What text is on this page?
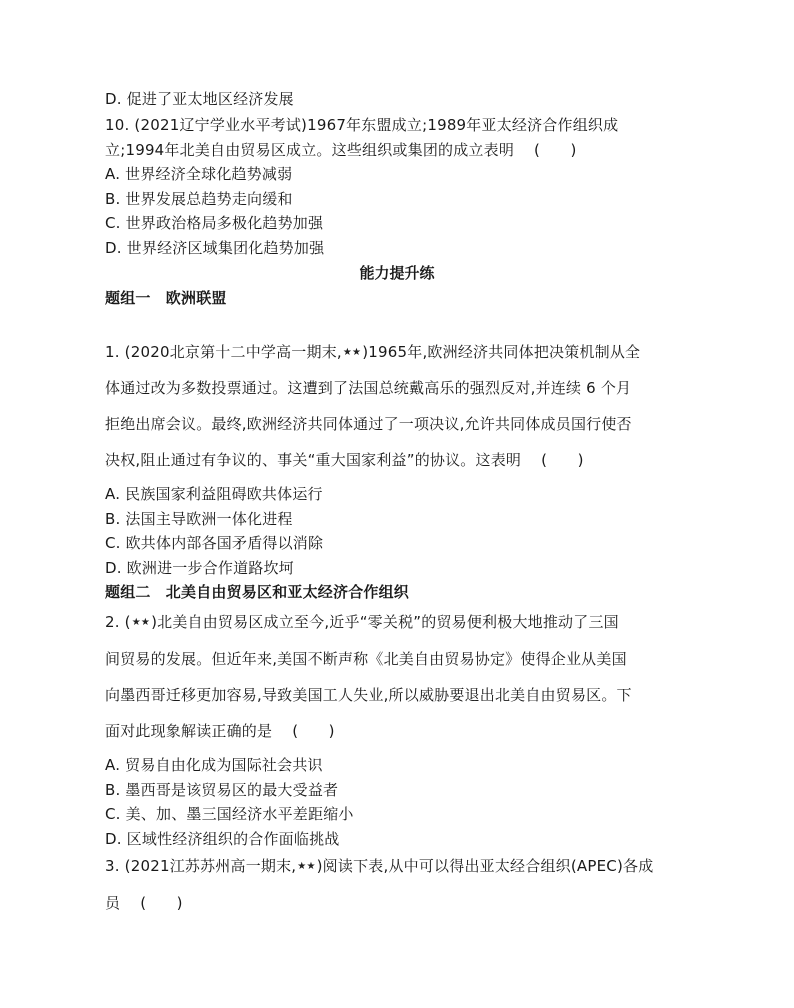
D. 促进了亚太地区经济发展
10. (2021辽宁学业水平考试)1967年东盟成立;1989年亚太经济合作组织成
立;1994年北美自由贸易区成立。这些组织或集团的成立表明 (　　)
A. 世界经济全球化趋势减弱
B. 世界发展总趋势走向缓和
C. 世界政治格局多极化趋势加强
D. 世界经济区域集团化趋势加强
能力提升练
题组一　欧洲联盟
1. (2020北京第十二中学高一期末,★★)1965年,欧洲经济共同体把决策机制从全
体通过改为多数投票通过。这遭到了法国总统戴高乐的强烈反对,并连续 6 个月
拒绝出席会议。最终,欧洲经济共同体通过了一项决议,允许共同体成员国行使否
决权,阻止通过有争议的、事关“重大国家利益”的协议。这表明 (　　)
A. 民族国家利益阻碍欧共体运行
B. 法国主导欧洲一体化进程
C. 欧共体内部各国矛盾得以消除
D. 欧洲进一步合作道路坎坷
题组二　北美自由贸易区和亚太经济合作组织
2. (★★)北美自由贸易区成立至今,近乎“零关税”的贸易便利极大地推动了三国
间贸易的发展。但近年来,美国不断声称《北美自由贸易协定》使得企业从美国
向墨西哥迁移更加容易,导致美国工人失业,所以威胁要退出北美自由贸易区。下
面对此现象解读正确的是 (　　)
A. 贸易自由化成为国际社会共识
B. 墨西哥是该贸易区的最大受益者
C. 美、加、墨三国经济水平差距缩小
D. 区域性经济组织的合作面临挑战
3. (2021江苏苏州高一期末,★★)阅读下表,从中可以得出亚太经合组织(APEC)各成
员 (　　)
